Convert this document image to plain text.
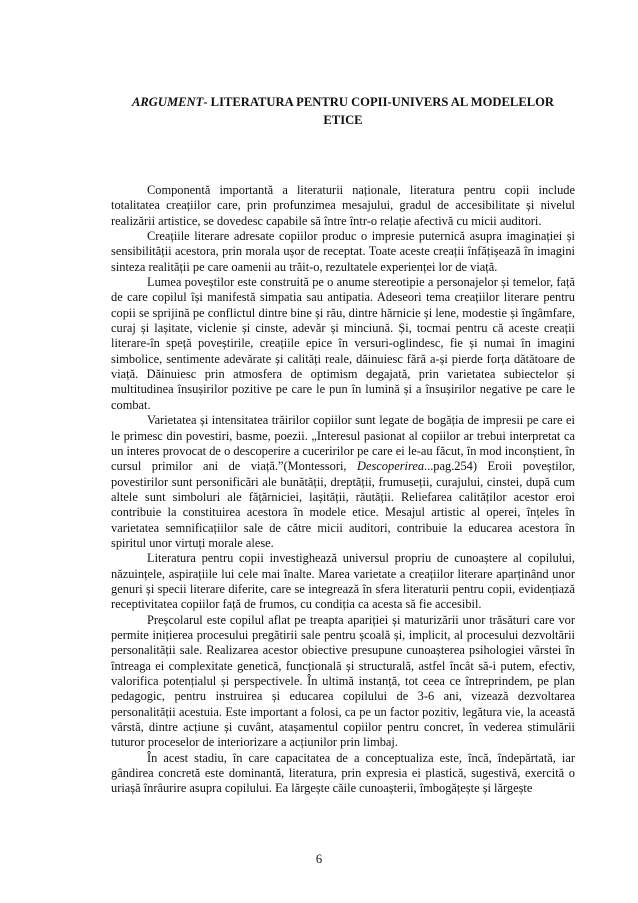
ARGUMENT- LITERATURA PENTRU COPII-UNIVERS AL MODELELOR ETICE

Componentă importantă a literaturii naționale, literatura pentru copii include totalitatea creațiilor care, prin profunzimea mesajului, gradul de accesibilitate și nivelul realizării artistice, se dovedesc capabile să între într-o relație afectivă cu micii auditori.

Creațiile literare adresate copiilor produc o impresie puternică asupra imaginației și sensibilității acestora, prin morala ușor de receptat. Toate aceste creații înfățișează în imagini sinteza realității pe care oamenii au trăit-o, rezultatele experienței lor de viață.

Lumea poveștilor este construită pe o anume stereotipie a personajelor și temelor, față de care copilul își manifestă simpatia sau antipatia. Adeseori tema creațiilor literare pentru copii se sprijină pe conflictul dintre bine și rău, dintre hărnicie și lene, modestie și îngâmfare, curaj și lașitate, viclenie și cinste, adevăr și minciună. Și, tocmai pentru că aceste creații literare-în speță poveștirile, creațiile epice în versuri-oglindesc, fie și numai în imagini simbolice, sentimente adevărate și calități reale, dăinuiesc fără a-și pierde forța dătătoare de viață. Dăinuiesc prin atmosfera de optimism degajată, prin varietatea subiectelor și multitudinea însușirilor pozitive pe care le pun în lumină și a însușirilor negative pe care le combat.

Varietatea și intensitatea trăirilor copiilor sunt legate de bogăția de impresii pe care ei le primesc din povestiri, basme, poezii. „Interesul pasionat al copiilor ar trebui interpretat ca un interes provocat de o descoperire a cuceririlor pe care ei le-au făcut, în mod inconștient, în cursul primilor ani de viață.”(Montessori, Descoperirea...pag.254) Eroii poveștilor, povestirilor sunt personificări ale bunătății, dreptății, frumuseții, curajului, cinstei, după cum altele sunt simboluri ale fățărniciei, lașității, răutății. Reliefarea calităților acestor eroi contribuie la constituirea acestora în modele etice. Mesajul artistic al operei, înțeles în varietatea semnificațiilor sale de către micii auditori, contribuie la educarea acestora în spiritul unor virtuți morale alese.

Literatura pentru copii investighează universul propriu de cunoaștere al copilului, năzuințele, aspirațiile lui cele mai înalte. Marea varietate a creațiilor literare aparținând unor genuri și specii literare diferite, care se integrează în sfera literaturii pentru copii, evidențiază receptivitatea copiilor față de frumos, cu condiția ca acesta să fie accesibil.

Preșcolarul este copilul aflat pe treapta apariției și maturizării unor trăsături care vor permite inițierea procesului pregătirii sale pentru școală și, implicit, al procesului dezvoltării personalității sale. Realizarea acestor obiective presupune cunoașterea psihologiei vârstei în întreaga ei complexitate genetică, funcțională și structurală, astfel încât să-i putem, efectiv, valorifica potențialul și perspectivele. În ultimă instanță, tot ceea ce întreprindem, pe plan pedagogic, pentru instruirea și educarea copilului de 3-6 ani, vizează dezvoltarea personalității acestuia. Este important a folosi, ca pe un factor pozitiv, legătura vie, la această vârstă, dintre acțiune și cuvânt, atașamentul copiilor pentru concret, în vederea stimulării tuturor proceselor de interiorizare a acțiunilor prin limbaj.

În acest stadiu, în care capacitatea de a conceptualiza este, încă, îndepărtată, iar gândirea concretă este dominantă, literatura, prin expresia ei plastică, sugestivă, exercită o uriașă înrâurire asupra copilului. Ea lărgește căile cunoașterii, îmbogățește și lărgește

6
